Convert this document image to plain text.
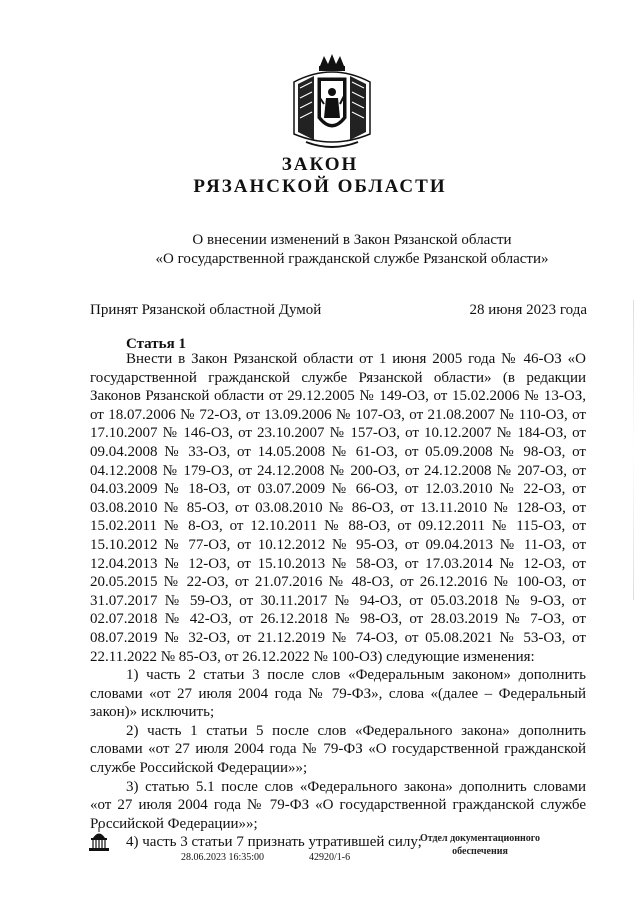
ЗАКОН
РЯЗАНСКОЙ ОБЛАСТИ
О внесении изменений в Закон Рязанской области
«О государственной гражданской службе Рязанской области»
Принят Рязанской областной Думой	28 июня 2023 года
Статья 1

Внести в Закон Рязанской области от 1 июня 2005 года № 46-ОЗ «О государственной гражданской службе Рязанской области» (в редакции Законов Рязанской области от 29.12.2005 № 149-ОЗ, от 15.02.2006 № 13-ОЗ, от 18.07.2006 № 72-ОЗ, от 13.09.2006 № 107-ОЗ, от 21.08.2007 № 110-ОЗ, от 17.10.2007 № 146-ОЗ, от 23.10.2007 № 157-ОЗ, от 10.12.2007 № 184-ОЗ, от 09.04.2008 № 33-ОЗ, от 14.05.2008 № 61-ОЗ, от 05.09.2008 № 98-ОЗ, от 04.12.2008 № 179-ОЗ, от 24.12.2008 № 200-ОЗ, от 24.12.2008 № 207-ОЗ, от 04.03.2009 № 18-ОЗ, от 03.07.2009 № 66-ОЗ, от 12.03.2010 № 22-ОЗ, от 03.08.2010 № 85-ОЗ, от 03.08.2010 № 86-ОЗ, от 13.11.2010 № 128-ОЗ, от 15.02.2011 № 8-ОЗ, от 12.10.2011 № 88-ОЗ, от 09.12.2011 № 115-ОЗ, от 15.10.2012 № 77-ОЗ, от 10.12.2012 № 95-ОЗ, от 09.04.2013 № 11-ОЗ, от 12.04.2013 № 12-ОЗ, от 15.10.2013 № 58-ОЗ, от 17.03.2014 № 12-ОЗ, от 20.05.2015 № 22-ОЗ, от 21.07.2016 № 48-ОЗ, от 26.12.2016 № 100-ОЗ, от 31.07.2017 № 59-ОЗ, от 30.11.2017 № 94-ОЗ, от 05.03.2018 № 9-ОЗ, от 02.07.2018 № 42-ОЗ, от 26.12.2018 № 98-ОЗ, от 28.03.2019 № 7-ОЗ, от 08.07.2019 № 32-ОЗ, от 21.12.2019 № 74-ОЗ, от 05.08.2021 № 53-ОЗ, от 22.11.2022 № 85-ОЗ, от 26.12.2022 № 100-ОЗ) следующие изменения:

1) часть 2 статьи 3 после слов «Федеральным законом» дополнить словами «от 27 июля 2004 года № 79-ФЗ», слова «(далее – Федеральный закон)» исключить;

2) часть 1 статьи 5 после слов «Федерального закона» дополнить словами «от 27 июля 2004 года № 79-ФЗ «О государственной гражданской службе Российской Федерации»»;

3) статью 5.1 после слов «Федерального закона» дополнить словами «от 27 июля 2004 года № 79-ФЗ «О государственной гражданской службе Российской Федерации»»;

4) часть 3 статьи 7 признать утратившей силу;

28.06.2023 16:35:00	42920/1-6
Отдел документационного
обеспечения
